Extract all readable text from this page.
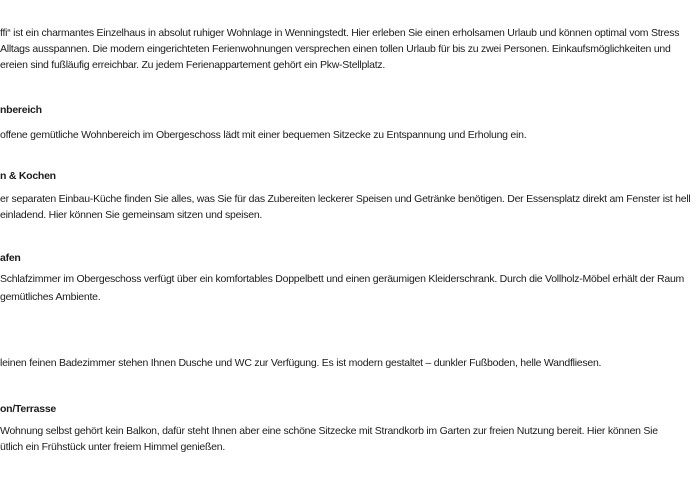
ffi“ ist ein charmantes Einzelhaus in absolut ruhiger Wohnlage in Wenningstedt. Hier erleben Sie einen erholsamen Urlaub und können optimal vom Stress
Alltags ausspannen. Die modern eingerichteten Ferienwohnungen versprechen einen tollen Urlaub für bis zu zwei Personen. Einkaufsmöglichkeiten und
ereien sind fußläufig erreichbar. Zu jedem Ferienappartement gehört ein Pkw-Stellplatz.
nbereich
offene gemütliche Wohnbereich im Obergeschoss lädt mit einer bequemen Sitzecke zu Entspannung und Erholung ein.
n & Kochen
er separaten Einbau-Küche finden Sie alles, was Sie für das Zubereiten leckerer Speisen und Getränke benötigen. Der Essensplatz direkt am Fenster ist hell
einladend. Hier können Sie gemeinsam sitzen und speisen.
afen
Schlafzimmer im Obergeschoss verfügt über ein komfortables Doppelbett und einen geräumigen Kleiderschrank. Durch die Vollholz-Möbel erhält der Raum
gemütliches Ambiente.
leinen feinen Badezimmer stehen Ihnen Dusche und WC zur Verfügung. Es ist modern gestaltet – dunkler Fußboden, helle Wandfliesen.
on/Terrasse
Wohnung selbst gehört kein Balkon, dafür steht Ihnen aber eine schöne Sitzecke mit Strandkorb im Garten zur freien Nutzung bereit. Hier können Sie
ütlich ein Frühstück unter freiem Himmel genießen.
